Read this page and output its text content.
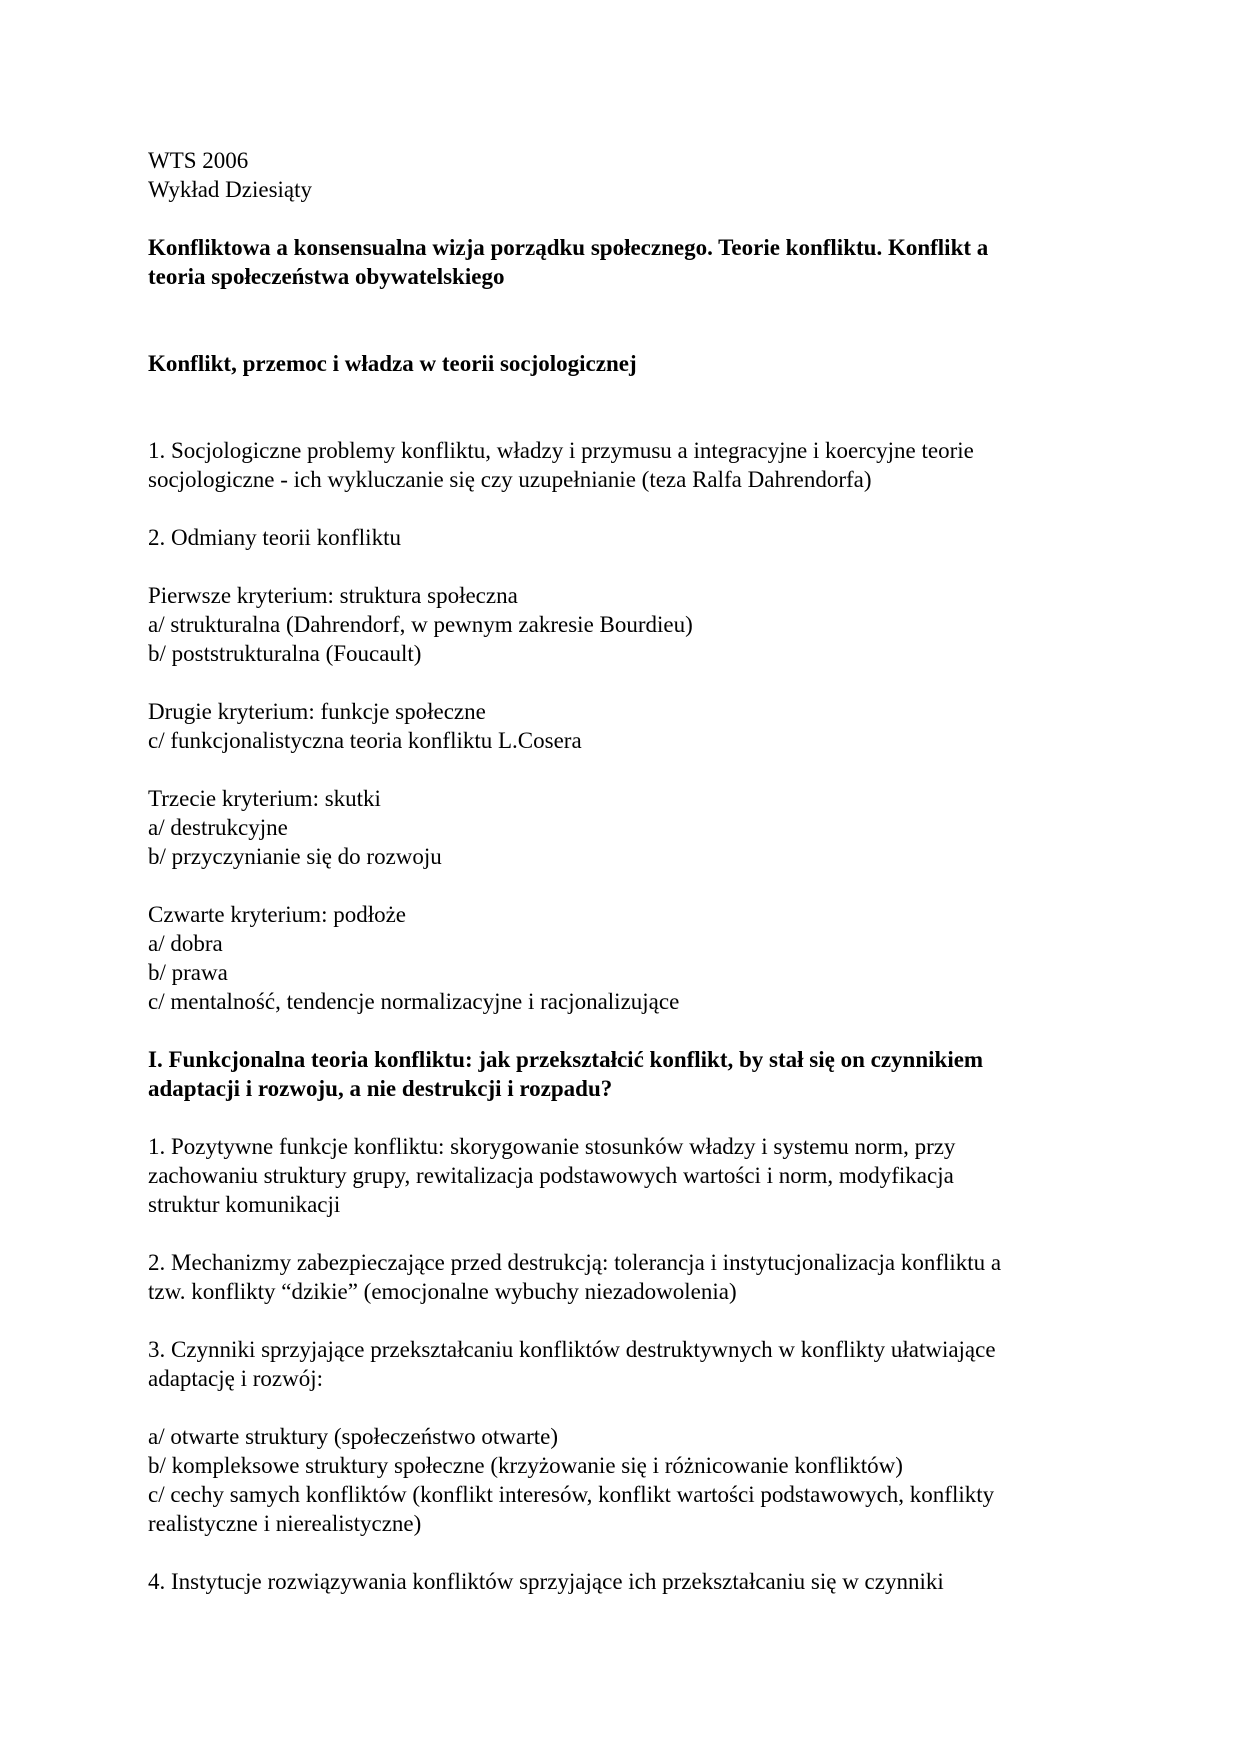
WTS 2006
Wykład Dziesiąty

Konfliktowa a konsensualna wizja porządku społecznego. Teorie konfliktu. Konflikt a
teoria społeczeństwa obywatelskiego

Konflikt, przemoc i władza w teorii socjologicznej

1. Socjologiczne problemy konfliktu, władzy i przymusu a integracyjne i koercyjne teorie
socjologiczne - ich wykluczanie się czy uzupełnianie (teza Ralfa Dahrendorfa)

2. Odmiany teorii konfliktu

Pierwsze kryterium: struktura społeczna
a/ strukturalna (Dahrendorf, w pewnym zakresie Bourdieu)
b/ poststrukturalna (Foucault)

Drugie kryterium: funkcje społeczne
c/ funkcjonalistyczna teoria konfliktu L.Cosera

Trzecie kryterium: skutki
a/ destrukcyjne
b/ przyczynianie się do rozwoju

Czwarte kryterium: podłoże
a/ dobra
b/ prawa
c/ mentalność, tendencje normalizacyjne i racjonalizujące

I. Funkcjonalna teoria konfliktu: jak przekształcić konflikt, by stał się on czynnikiem
adaptacji i rozwoju, a nie destrukcji i rozpadu?

1. Pozytywne funkcje konfliktu: skorygowanie stosunków władzy i systemu norm, przy
zachowaniu struktury grupy, rewitalizacja podstawowych wartości i norm, modyfikacja
struktur komunikacji

2. Mechanizmy zabezpieczające przed destrukcją: tolerancja i instytucjonalizacja konfliktu a
tzw. konflikty “dzikie” (emocjonalne wybuchy niezadowolenia)

3. Czynniki sprzyjające przekształcaniu konfliktów destruktywnych w konflikty ułatwiające
adaptację i rozwój:

a/ otwarte struktury (społeczeństwo otwarte)
b/ kompleksowe struktury społeczne (krzyżowanie się i różnicowanie konfliktów)
c/ cechy samych konfliktów (konflikt interesów, konflikt wartości podstawowych, konflikty
realistyczne i nierealistyczne)

4. Instytucje rozwiązywania konfliktów sprzyjające ich przekształcaniu się w czynniki
